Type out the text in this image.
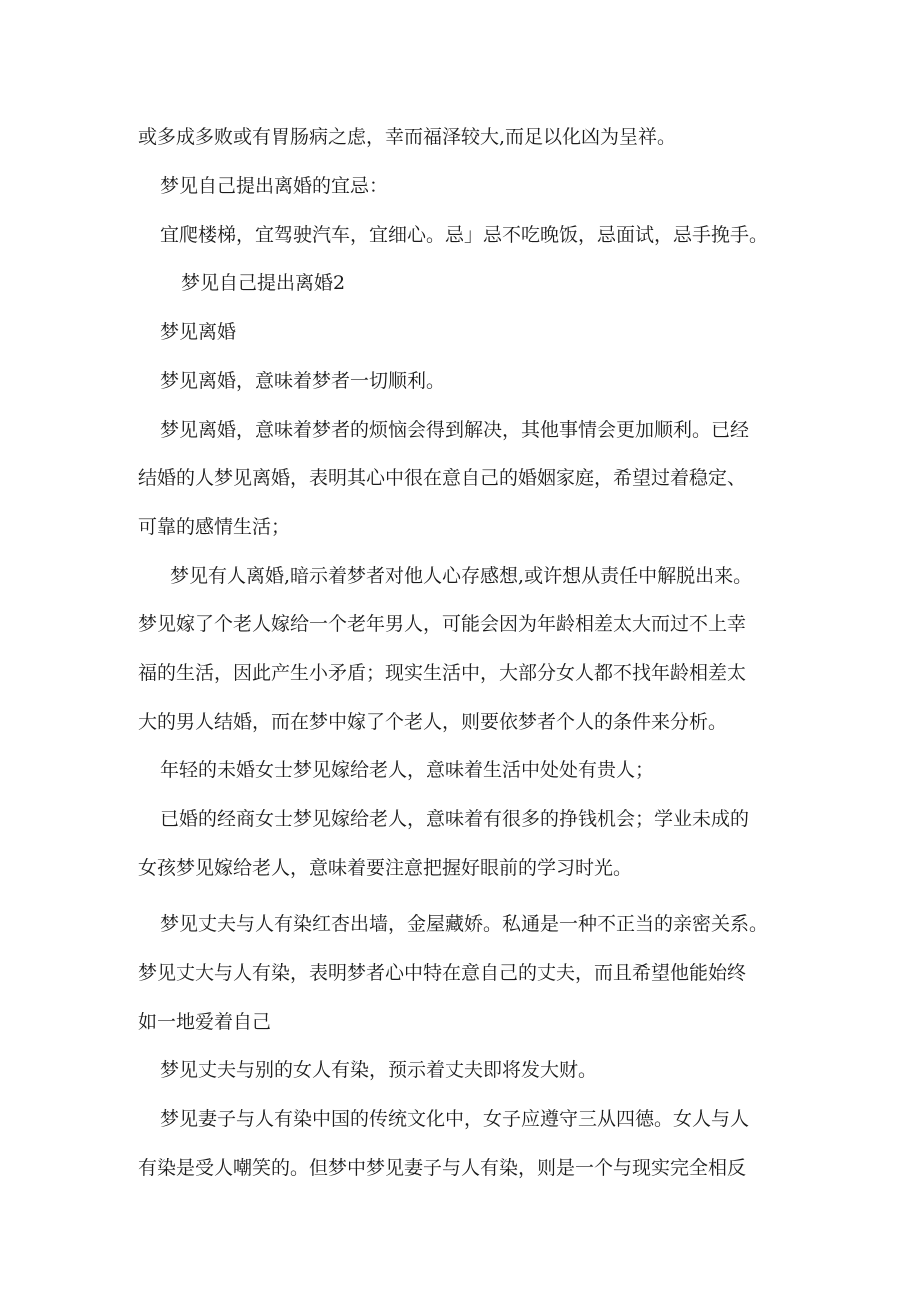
或多成多败或有胃肠病之虑，幸而福泽较大,而足以化凶为呈祥。

梦见自己提出离婚的宜忌：

宜爬楼梯，宜驾驶汽车，宜细心。忌」忌不吃晚饭，忌面试，忌手挽手。

梦见自己提出离婚2

梦见离婚

梦见离婚，意味着梦者一切顺利。

梦见离婚，意味着梦者的烦恼会得到解决，其他事情会更加顺利。已经

结婚的人梦见离婚，表明其心中很在意自己的婚姻家庭，希望过着稳定、

可靠的感情生活；

梦见有人离婚,暗示着梦者对他人心存感想,或许想从责任中解脱出来。

梦见嫁了个老人嫁给一个老年男人，可能会因为年龄相差太大而过不上幸

福的生活，因此产生小矛盾；现实生活中，大部分女人都不找年龄相差太

大的男人结婚，而在梦中嫁了个老人，则要依梦者个人的条件来分析。

年轻的未婚女士梦见嫁给老人，意味着生活中处处有贵人；

已婚的经商女士梦见嫁给老人，意味着有很多的挣钱机会；学业未成的

女孩梦见嫁给老人，意味着要注意把握好眼前的学习时光。

梦见丈夫与人有染红杏出墙，金屋藏娇。私通是一种不正当的亲密关系。

梦见丈大与人有染，表明梦者心中特在意自己的丈夫，而且希望他能始终

如一地爱着自己

梦见丈夫与别的女人有染，预示着丈夫即将发大财。

梦见妻子与人有染中国的传统文化中，女子应遵守三从四德。女人与人

有染是受人嘲笑的。但梦中梦见妻子与人有染，则是一个与现实完全相反
